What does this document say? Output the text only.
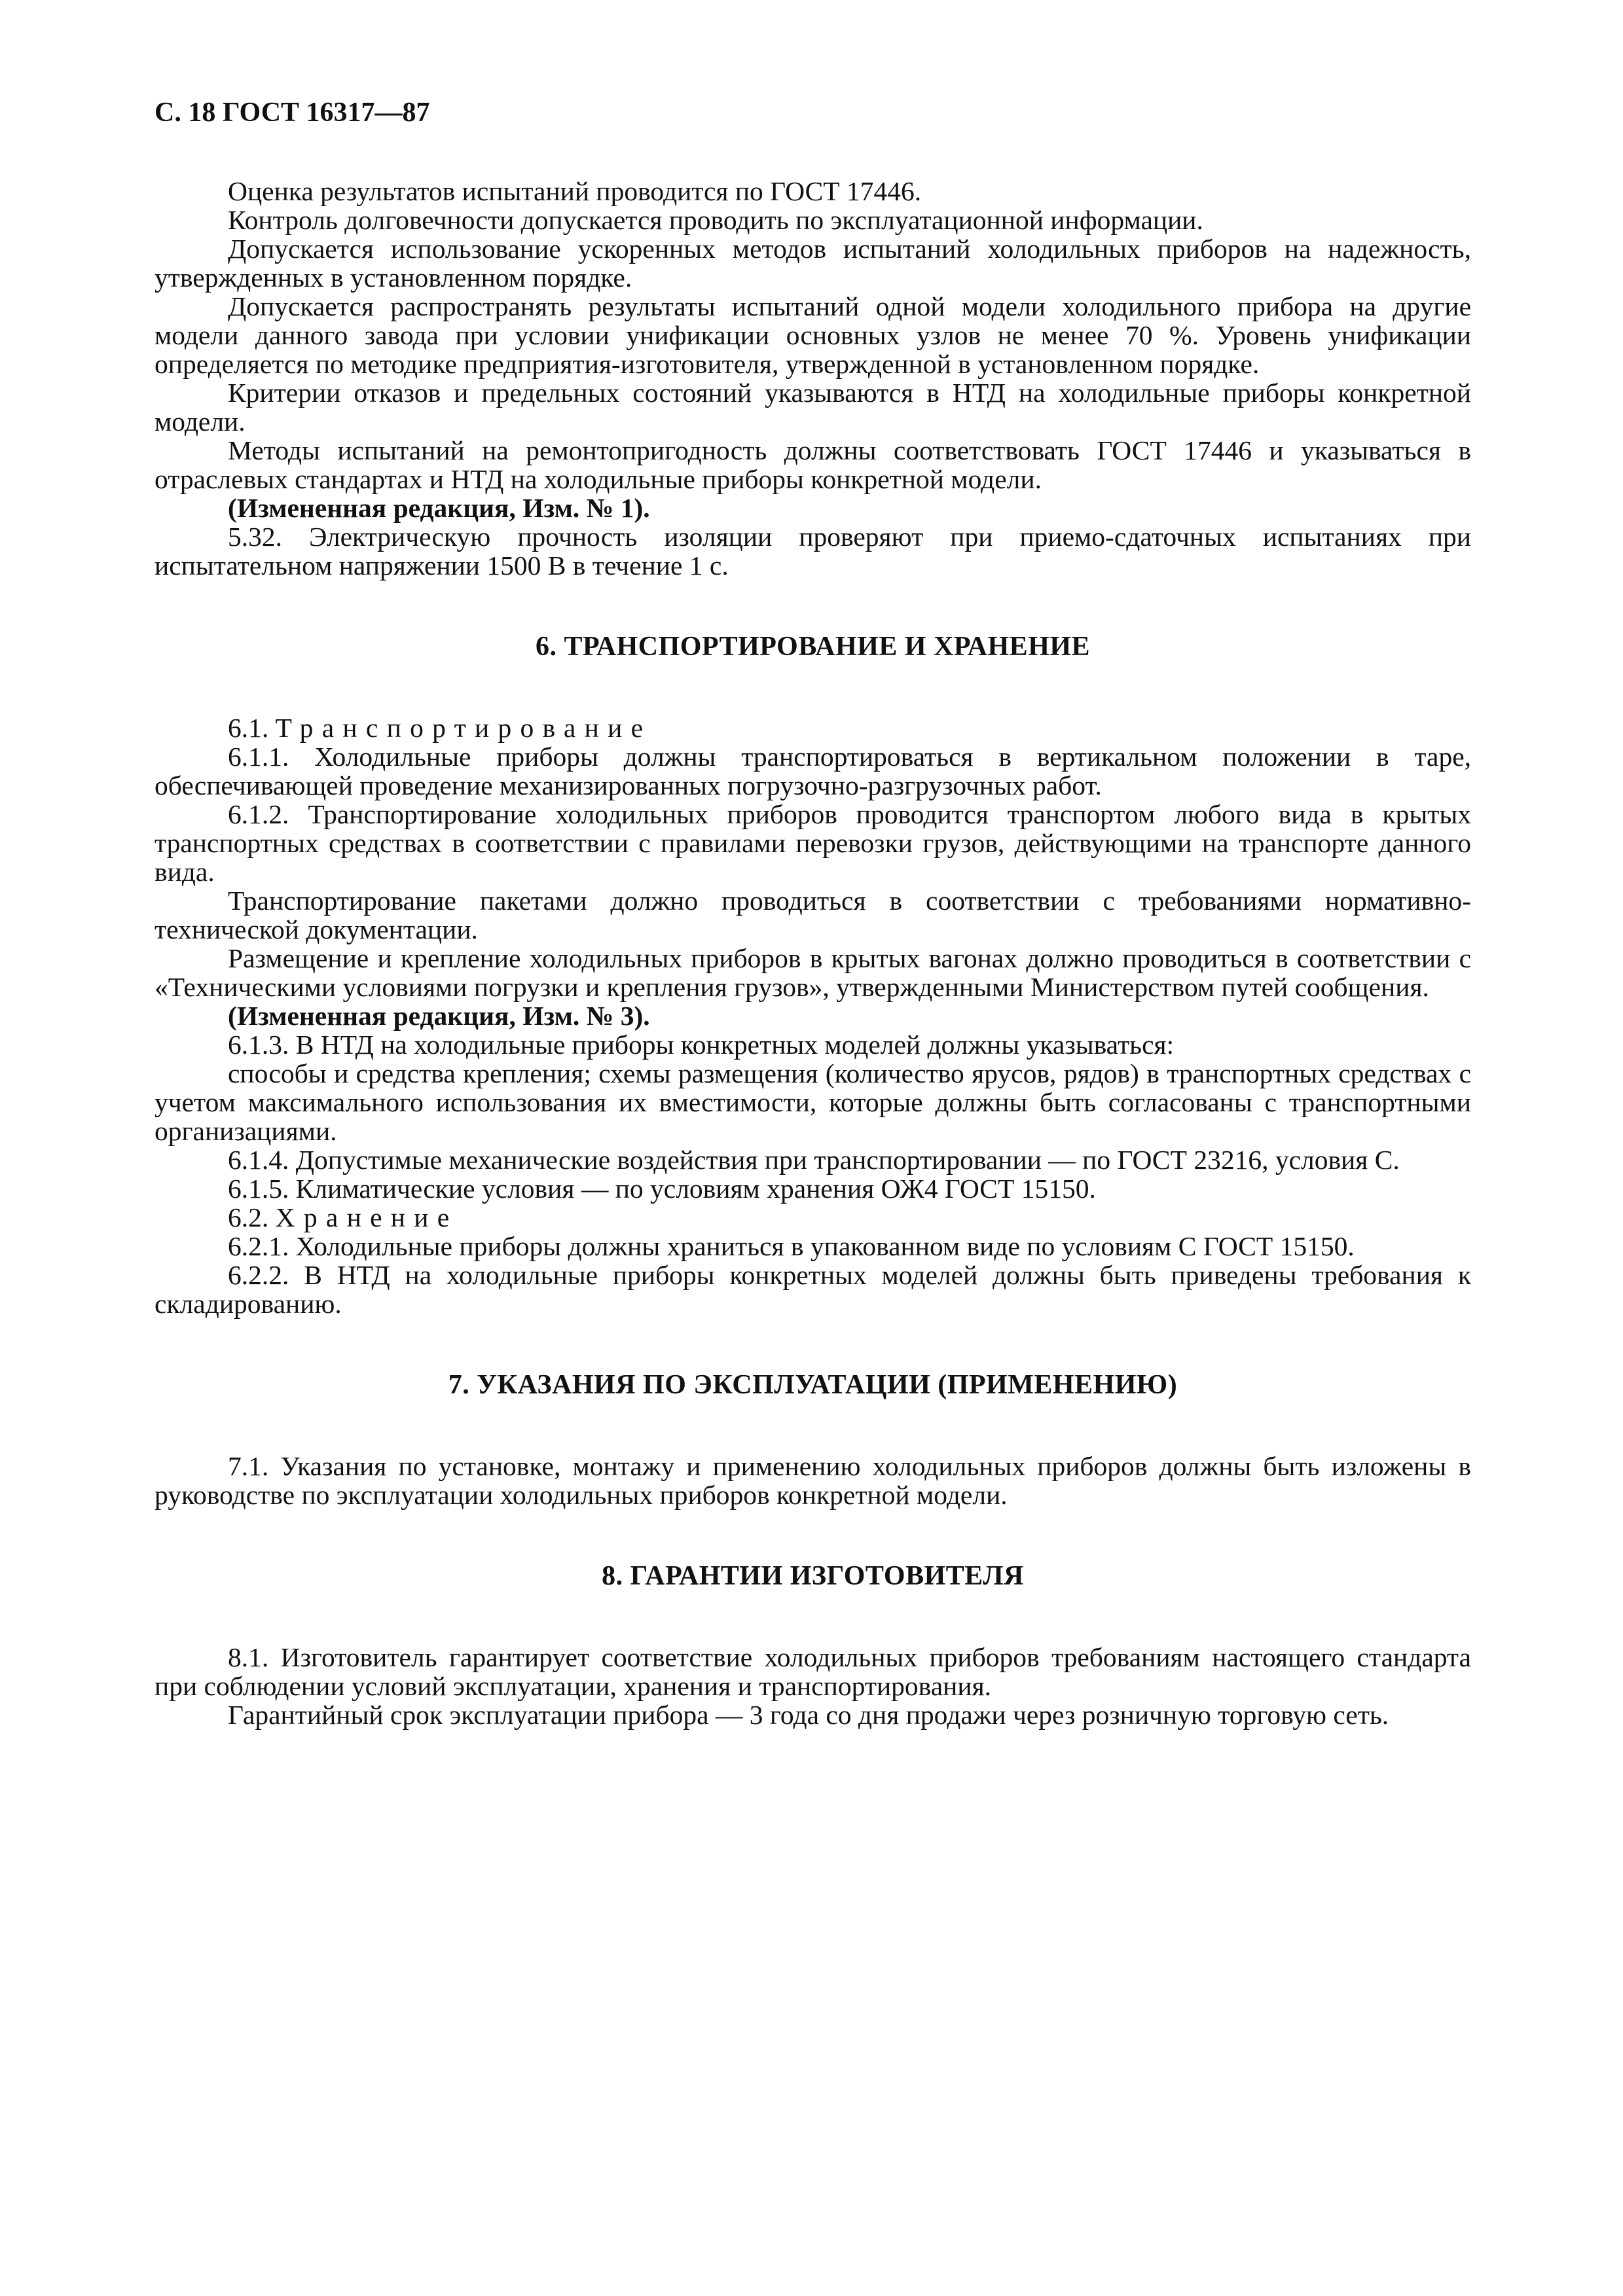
С. 18 ГОСТ 16317—87

Оценка результатов испытаний проводится по ГОСТ 17446.

Контроль долговечности допускается проводить по эксплуатационной информации.

Допускается использование ускоренных методов испытаний холодильных приборов на надежность, утвержденных в установленном порядке.

Допускается распространять результаты испытаний одной модели холодильного прибора на другие модели данного завода при условии унификации основных узлов не менее 70 %. Уровень унификации определяется по методике предприятия-изготовителя, утвержденной в установленном порядке.

Критерии отказов и предельных состояний указываются в НТД на холодильные приборы конкретной модели.

Методы испытаний на ремонтопригодность должны соответствовать ГОСТ 17446 и указываться в отраслевых стандартах и НТД на холодильные приборы конкретной модели.

(Измененная редакция, Изм. № 1).

5.32. Электрическую прочность изоляции проверяют при приемо-сдаточных испытаниях при испытательном напряжении 1500 В в течение 1 с.

6. ТРАНСПОРТИРОВАНИЕ И ХРАНЕНИЕ

6.1. Транспортирование

6.1.1. Холодильные приборы должны транспортироваться в вертикальном положении в таре, обеспечивающей проведение механизированных погрузочно-разгрузочных работ.

6.1.2. Транспортирование холодильных приборов проводится транспортом любого вида в крытых транспортных средствах в соответствии с правилами перевозки грузов, действующими на транспорте данного вида.

Транспортирование пакетами должно проводиться в соответствии с требованиями нормативно-технической документации.

Размещение и крепление холодильных приборов в крытых вагонах должно проводиться в соответствии с «Техническими условиями погрузки и крепления грузов», утвержденными Министерством путей сообщения.

(Измененная редакция, Изм. № 3).

6.1.3. В НТД на холодильные приборы конкретных моделей должны указываться:

способы и средства крепления; схемы размещения (количество ярусов, рядов) в транспортных средствах с учетом максимального использования их вместимости, которые должны быть согласованы с транспортными организациями.

6.1.4. Допустимые механические воздействия при транспортировании — по ГОСТ 23216, условия С.

6.1.5. Климатические условия — по условиям хранения ОЖ4 ГОСТ 15150.

6.2. Хранение

6.2.1. Холодильные приборы должны храниться в упакованном виде по условиям С ГОСТ 15150.

6.2.2. В НТД на холодильные приборы конкретных моделей должны быть приведены требования к складированию.

7. УКАЗАНИЯ ПО ЭКСПЛУАТАЦИИ (ПРИМЕНЕНИЮ)

7.1. Указания по установке, монтажу и применению холодильных приборов должны быть изложены в руководстве по эксплуатации холодильных приборов конкретной модели.

8. ГАРАНТИИ ИЗГОТОВИТЕЛЯ

8.1. Изготовитель гарантирует соответствие холодильных приборов требованиям настоящего стандарта при соблюдении условий эксплуатации, хранения и транспортирования.

Гарантийный срок эксплуатации прибора — 3 года со дня продажи через розничную торговую сеть.
